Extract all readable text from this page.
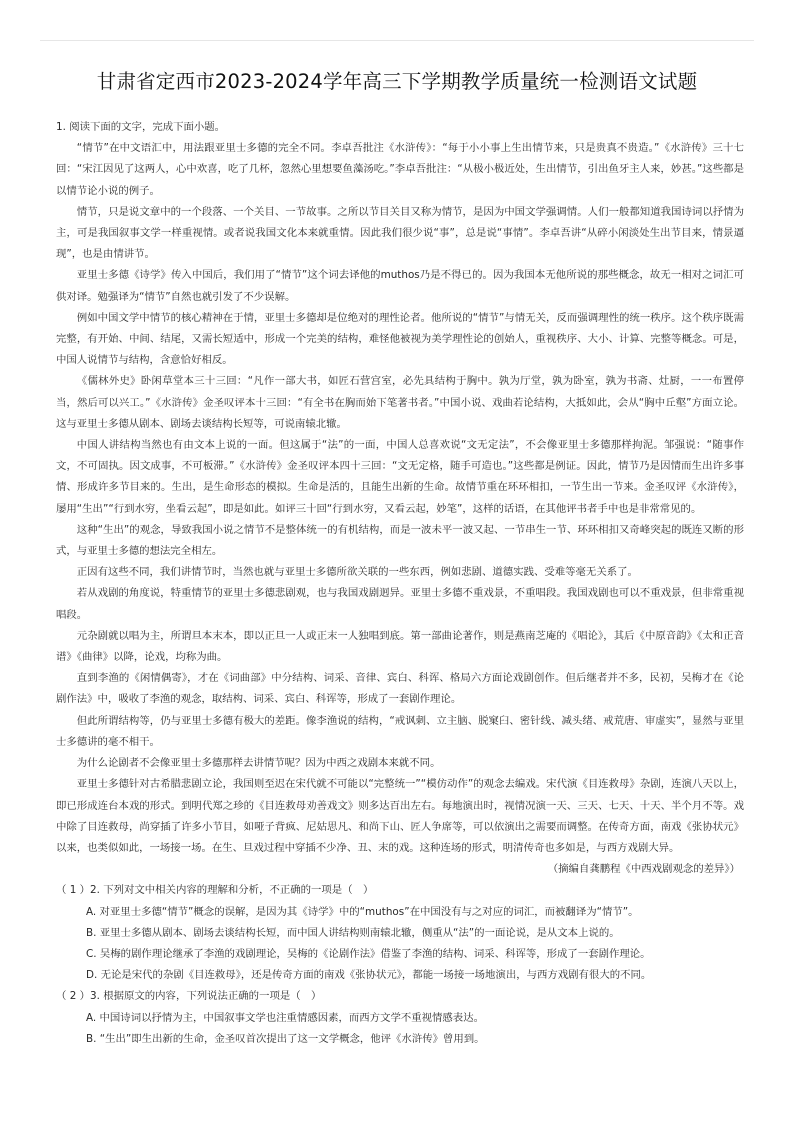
甘肃省定西市2023-2024学年高三下学期教学质量统一检测语文试题

1. 阅读下面的文字，完成下面小题。

“情节”在中文语汇中，用法跟亚里士多德的完全不同。李卓吾批注《水浒传》：“每于小小事上生出情节来，只是贵真不贵造。”《水浒传》三十七回：“宋江因见了这两人，心中欢喜，吃了几杯，忽然心里想要鱼藻汤吃。”李卓吾批注：“从极小极近处，生出情节，引出鱼牙主人来，妙甚。”这些都是以情节论小说的例子。

情节，只是说文章中的一个段落、一个关目、一节故事。之所以节目关目又称为情节，是因为中国文学强调情。人们一般都知道我国诗词以抒情为主，可是我国叙事文学一样重视情。或者说我国文化本来就重情。因此我们很少说“事”，总是说“事情”。李卓吾讲“从碎小闲淡处生出节目来，情景逼现”，也是由情讲节。

亚里士多德《诗学》传入中国后，我们用了“情节”这个词去译他的muthos乃是不得已的。因为我国本无他所说的那些概念，故无一相对之词汇可供对译。勉强译为“情节”自然也就引发了不少误解。

例如中国文学中情节的核心精神在于情，亚里士多德却是位绝对的理性论者。他所说的“情节”与情无关，反而强调理性的统一秩序。这个秩序既需完整，有开始、中间、结尾，又需长短适中，形成一个完美的结构，难怪他被视为美学理性论的创始人，重视秩序、大小、计算、完整等概念。可是，中国人说情节与结构，含意恰好相反。

《儒林外史》卧闲草堂本三十三回：“凡作一部大书，如匠石营宫室，必先具结构于胸中。孰为厅堂，孰为卧室，孰为书斋、灶厨，一一布置停当，然后可以兴工。”《水浒传》金圣叹评本十三回：“有全书在胸而始下笔著书者。”中国小说、戏曲若论结构，大抵如此，会从“胸中丘壑”方面立论。这与亚里士多德从剧本、剧场去谈结构长短等，可说南辕北辙。

中国人讲结构当然也有由文本上说的一面。但这属于“法”的一面，中国人总喜欢说“文无定法”，不会像亚里士多德那样拘泥。邹强说：“随事作文，不可固执。因文成事，不可板滞。”《水浒传》金圣叹评本四十三回：“文无定格，随手可造也。”这些都是例证。因此，情节乃是因情而生出许多事情、形成许多节目来的。生出，是生命形态的模拟。生命是活的，且能生出新的生命。故情节重在环环相扣，一节生出一节来。金圣叹评《水浒传》，屡用“生出”“行到水穷，坐看云起”，即是如此。如评三十回“行到水穷，又看云起，妙笔”，这样的话语，在其他评书者手中也是非常常见的。

这种“生出”的观念，导致我国小说之情节不是整体统一的有机结构，而是一波未平一波又起、一节串生一节、环环相扣又奇峰突起的既连又断的形式，与亚里士多德的想法完全相左。

正因有这些不同，我们讲情节时，当然也就与亚里士多德所欲关联的一些东西，例如悲剧、道德实践、受难等毫无关系了。

若从戏剧的角度说，特重情节的亚里士多德悲剧观，也与我国戏剧迥异。亚里士多德不重戏景，不重唱段。我国戏剧也可以不重戏景，但非常重视唱段。

元杂剧就以唱为主，所谓旦本末本，即以正旦一人或正末一人独唱到底。第一部曲论著作，则是燕南芝庵的《唱论》，其后《中原音韵》《太和正音谱》《曲律》以降，论戏，均称为曲。

直到李渔的《闲情偶寄》，才在《词曲部》中分结构、词采、音律、宾白、科诨、格局六方面论戏剧创作。但后继者并不多，民初，吴梅才在《论剧作法》中，吸收了李渔的观念，取结构、词采、宾白、科诨等，形成了一套剧作理论。

但此所谓结构等，仍与亚里士多德有极大的差距。像李渔说的结构，“戒讽刺、立主脑、脱窠臼、密针线、减头绪、戒荒唐、审虚实”，显然与亚里士多德讲的毫不相干。

为什么论剧者不会像亚里士多德那样去讲情节呢？因为中西之戏剧本来就不同。

亚里士多德针对古希腊悲剧立论，我国则至迟在宋代就不可能以“完整统一”“模仿动作”的观念去编戏。宋代演《目连救母》杂剧，连演八天以上，即已形成连台本戏的形式。到明代郑之珍的《目连救母劝善戏文》则多达百出左右。每地演出时，视情况演一天、三天、七天、十天、半个月不等。戏中除了目连救母，尚穿插了许多小节目，如哑子背疯、尼姑思凡、和尚下山、匠人争席等，可以依演出之需要而调整。在传奇方面，南戏《张协状元》以来，也类似如此，一场接一场。在生、旦戏过程中穿插不少净、丑、末的戏。这种连场的形式，明清传奇也多如是，与西方戏剧大异。

（摘编自龚鹏程《中西戏剧观念的差异》）

（ 1 ）2. 下列对文中相关内容的理解和分析，不正确的一项是（　）

A. 对亚里士多德“情节”概念的误解，是因为其《诗学》中的“muthos”在中国没有与之对应的词汇，而被翻译为“情节”。

B. 亚里士多德从剧本、剧场去谈结构长短，而中国人讲结构则南辕北辙，侧重从“法”的一面论说，是从文本上说的。

C. 吴梅的剧作理论继承了李渔的戏剧理论，吴梅的《论剧作法》借鉴了李渔的结构、词采、科诨等，形成了一套剧作理论。

D. 无论是宋代的杂剧《目连救母》，还是传奇方面的南戏《张协状元》，都能一场接一场地演出，与西方戏剧有很大的不同。

（ 2 ）3. 根据原文的内容，下列说法正确的一项是（　）

A. 中国诗词以抒情为主，中国叙事文学也注重情感因素，而西方文学不重视情感表达。

B. “生出”即生出新的生命，金圣叹首次提出了这一文学概念，他评《水浒传》曾用到。
